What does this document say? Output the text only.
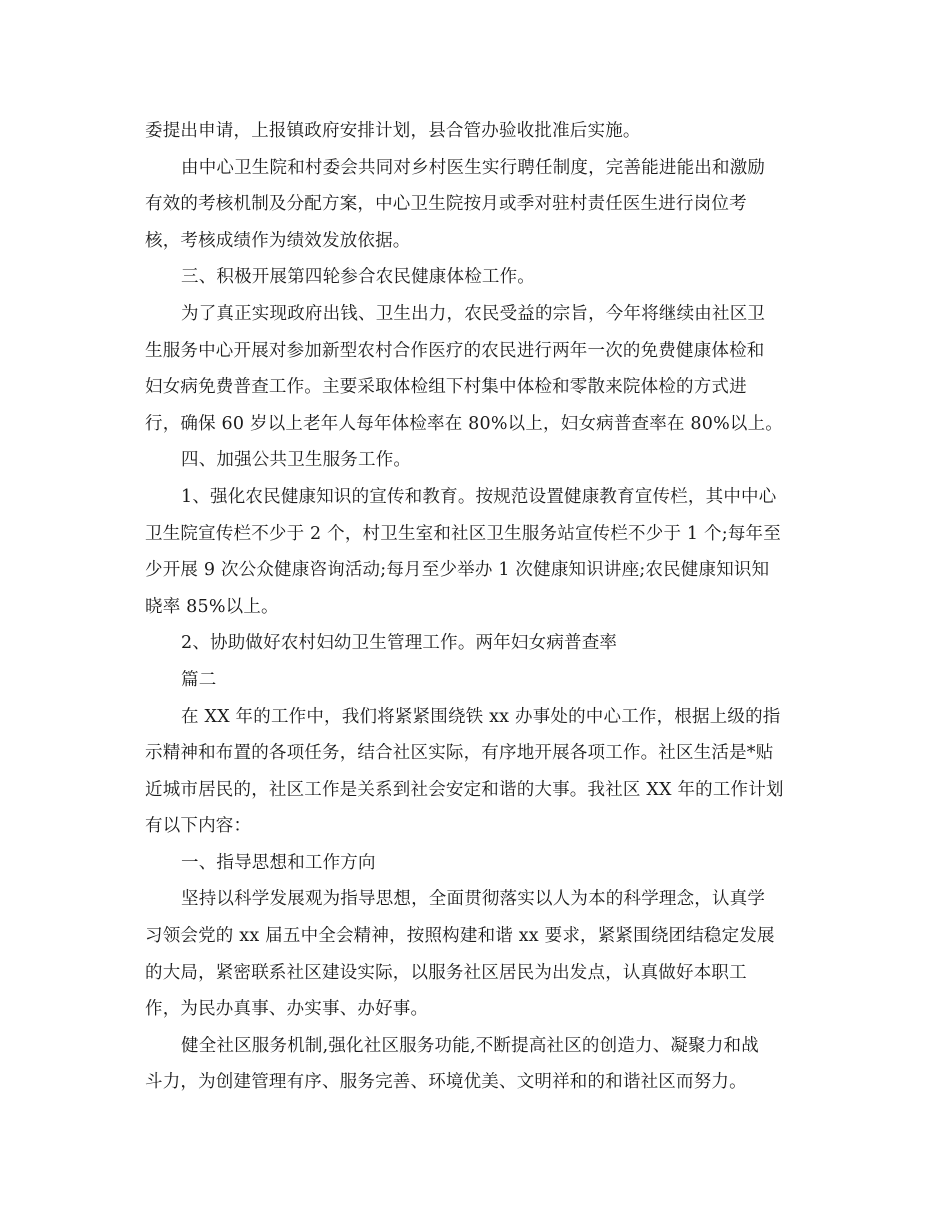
委提出申请，上报镇政府安排计划，县合管办验收批准后实施。
由中心卫生院和村委会共同对乡村医生实行聘任制度，完善能进能出和激励
有效的考核机制及分配方案，中心卫生院按月或季对驻村责任医生进行岗位考
核，考核成绩作为绩效发放依据。
三、积极开展第四轮参合农民健康体检工作。
为了真正实现政府出钱、卫生出力，农民受益的宗旨，今年将继续由社区卫
生服务中心开展对参加新型农村合作医疗的农民进行两年一次的免费健康体检和
妇女病免费普查工作。主要采取体检组下村集中体检和零散来院体检的方式进
行，确保 60 岁以上老年人每年体检率在 80%以上，妇女病普查率在 80%以上。
四、加强公共卫生服务工作。
1、强化农民健康知识的宣传和教育。按规范设置健康教育宣传栏，其中中心
卫生院宣传栏不少于 2 个，村卫生室和社区卫生服务站宣传栏不少于 1 个;每年至
少开展 9 次公众健康咨询活动;每月至少举办 1 次健康知识讲座;农民健康知识知
晓率 85%以上。
2、协助做好农村妇幼卫生管理工作。两年妇女病普查率
篇二
在 XX 年的工作中，我们将紧紧围绕铁 xx 办事处的中心工作，根据上级的指
示精神和布置的各项任务，结合社区实际，有序地开展各项工作。社区生活是*贴
近城市居民的，社区工作是关系到社会安定和谐的大事。我社区 XX 年的工作计划
有以下内容：
一、指导思想和工作方向
坚持以科学发展观为指导思想，全面贯彻落实以人为本的科学理念，认真学
习领会党的 xx 届五中全会精神，按照构建和谐 xx 要求，紧紧围绕团结稳定发展
的大局，紧密联系社区建设实际，以服务社区居民为出发点，认真做好本职工
作，为民办真事、办实事、办好事。
健全社区服务机制,强化社区服务功能,不断提高社区的创造力、凝聚力和战
斗力，为创建管理有序、服务完善、环境优美、文明祥和的和谐社区而努力。
